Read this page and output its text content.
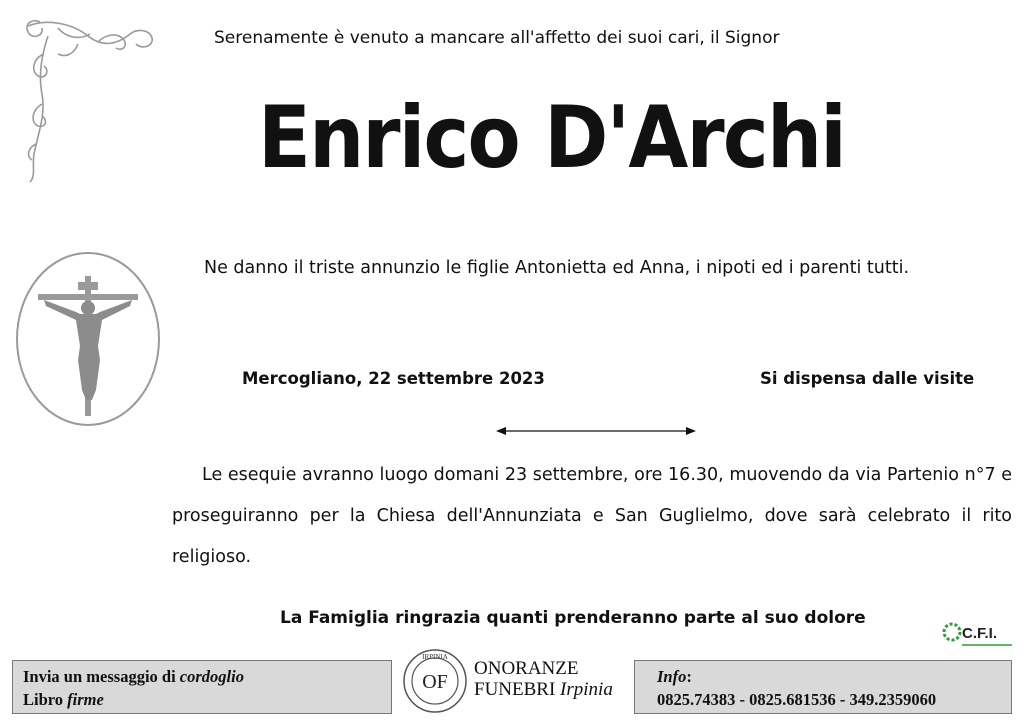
Serenamente è venuto a mancare all'affetto dei suoi cari, il Signor
Enrico D'Archi
Ne danno il triste annunzio le figlie Antonietta ed Anna, i nipoti ed i parenti tutti.
Mercogliano, 22 settembre 2023	Si dispensa dalle visite
Le esequie avranno luogo domani 23 settembre, ore 16.30, muovendo da via Partenio n°7 e proseguiranno per la Chiesa dell'Annunziata e San Guglielmo, dove sarà celebrato il rito religioso.
La Famiglia ringrazia quanti prenderanno parte al suo dolore
C.F.I.
Invia un messaggio di cordoglio
Libro firme
IRPINIA
OF
ONORANZE
FUNEBRI Irpinia
Info:
0825.74383 - 0825.681536 - 349.2359060
